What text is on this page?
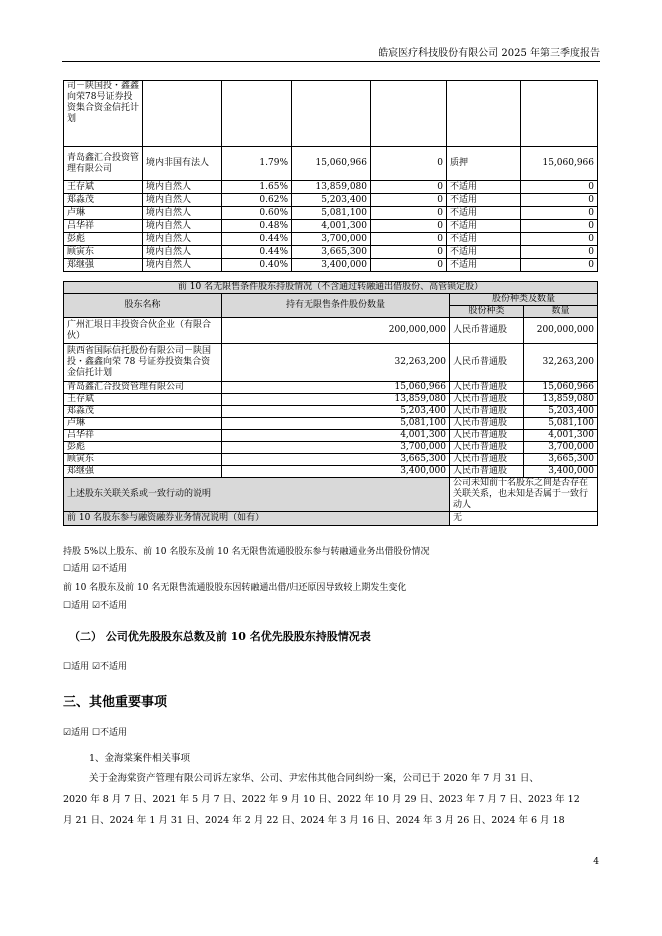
皓宸医疗科技股份有限公司 2025 年第三季度报告
司－陕国投・鑫鑫向荣78号证券投资集合资金信托计划						
青岛鑫汇合投资管理有限公司	境内非国有法人	1.79%	15,060,966	0	质押	15,060,966
王存斌	境内自然人	1.65%	13,859,080	0	不适用	0
郑淼茂	境内自然人	0.62%	5,203,400	0	不适用	0
卢琳	境内自然人	0.60%	5,081,100	0	不适用	0
吕华祥	境内自然人	0.48%	4,001,300	0	不适用	0
彭彪	境内自然人	0.44%	3,700,000	0	不适用	0
顾寅东	境内自然人	0.44%	3,665,300	0	不适用	0
郑继强	境内自然人	0.40%	3,400,000	0	不适用	0
前 10 名无限售条件股东持股情况（不含通过转融通出借股份、高管锁定股）			
股东名称	持有无限售条件股份数量	股份种类及数量	
		股份种类	数量
广州汇垠日丰投资合伙企业（有限合伙）	200,000,000	人民币普通股	200,000,000
陕西省国际信托股份有限公司－陕国投・鑫鑫向荣 78 号证券投资集合资金信托计划	32,263,200	人民币普通股	32,263,200
青岛鑫汇合投资管理有限公司	15,060,966	人民币普通股	15,060,966
王存斌	13,859,080	人民币普通股	13,859,080
郑淼茂	5,203,400	人民币普通股	5,203,400
卢琳	5,081,100	人民币普通股	5,081,100
吕华祥	4,001,300	人民币普通股	4,001,300
彭彪	3,700,000	人民币普通股	3,700,000
顾寅东	3,665,300	人民币普通股	3,665,300
郑继强	3,400,000	人民币普通股	3,400,000
上述股东关联关系或一致行动的说明		公司未知前十名股东之间是否存在关联关系，也未知是否属于一致行动人	
前 10 名股东参与融资融券业务情况说明（如有）		无	
持股 5%以上股东、前 10 名股东及前 10 名无限售流通股股东参与转融通业务出借股份情况
☐适用 ☑不适用
前 10 名股东及前 10 名无限售流通股股东因转融通出借/归还原因导致较上期发生变化
☐适用 ☑不适用
（二） 公司优先股股东总数及前 10 名优先股股东持股情况表
☐适用 ☑不适用
三、其他重要事项
☑适用 ☐不适用
1、金海棠案件相关事项
关于金海棠资产管理有限公司诉左家华、公司、尹宏伟其他合同纠纷一案，公司已于 2020 年 7 月 31 日、
2020 年 8 月 7 日、2021 年 5 月 7 日、2022 年 9 月 10 日、2022 年 10 月 29 日、2023 年 7 月 7 日、2023 年 12
月 21 日、2024 年 1 月 31 日、2024 年 2 月 22 日、2024 年 3 月 16 日、2024 年 3 月 26 日、2024 年 6 月 18
4
